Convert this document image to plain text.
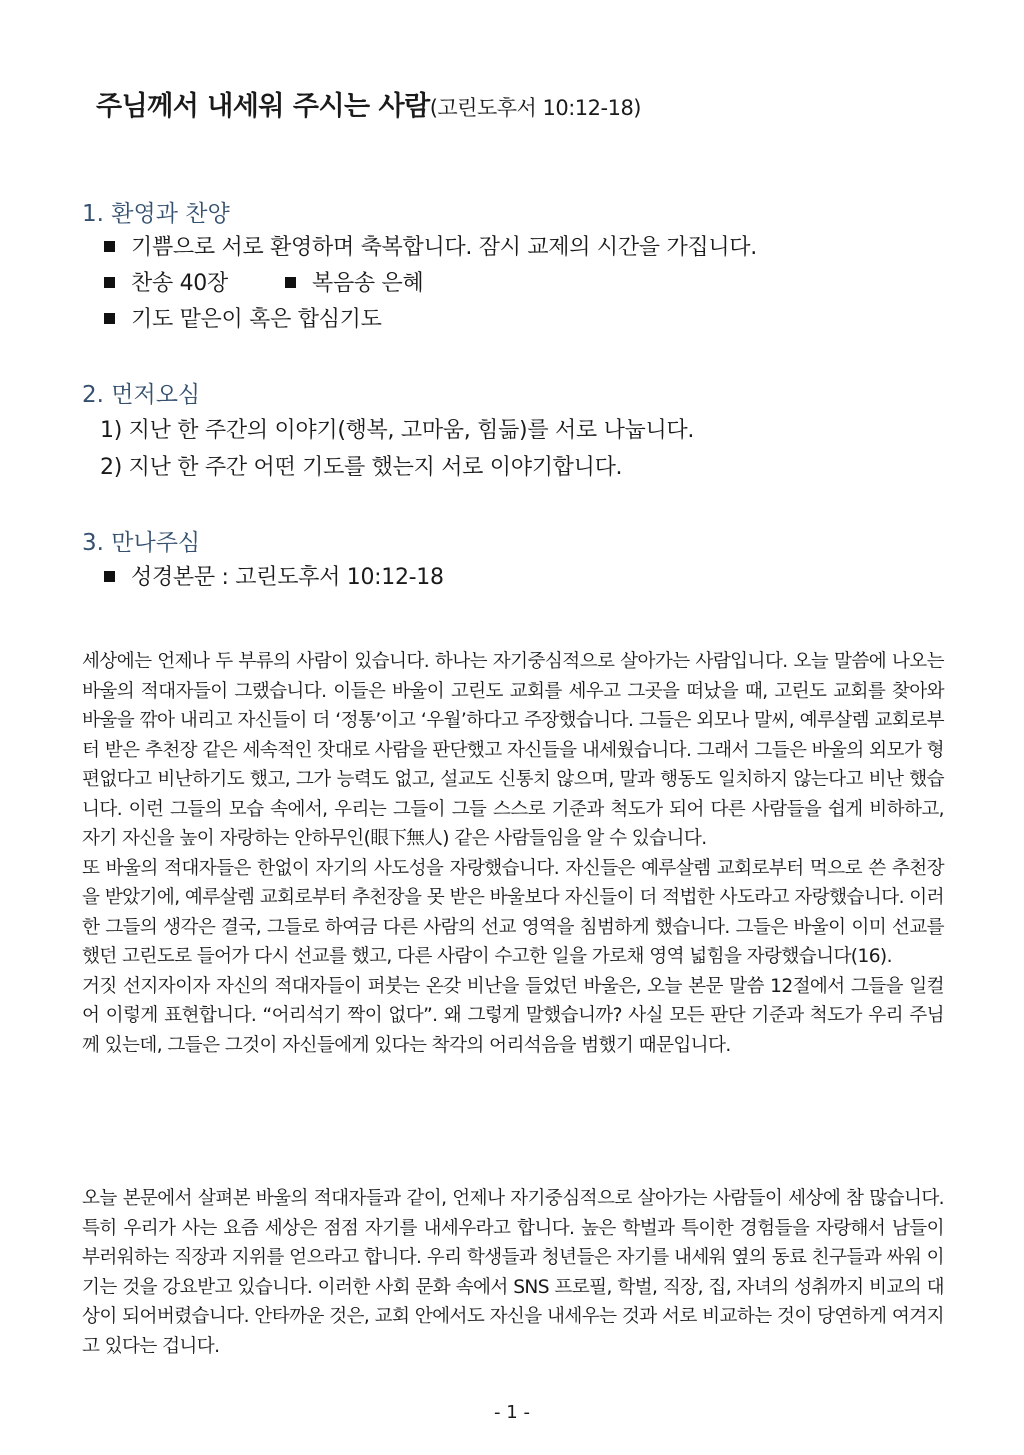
주님께서 내세워 주시는 사람(고린도후서 10:12-18)
1. 환영과 찬양
기쁨으로 서로 환영하며 축복합니다. 잠시 교제의 시간을 가집니다.
찬송 40장	복음송 은혜
기도 맡은이 혹은 합심기도
2. 먼저오심
1) 지난 한 주간의 이야기(행복, 고마움, 힘듦)를 서로 나눕니다.
2) 지난 한 주간 어떤 기도를 했는지 서로 이야기합니다.
3. 만나주심
성경본문 : 고린도후서 10:12-18

세상에는 언제나 두 부류의 사람이 있습니다. 하나는 자기중심적으로 살아가는 사람입니다. 오늘 말씀에 나오는 바울의 적대자들이 그랬습니다. 이들은 바울이 고린도 교회를 세우고 그곳을 떠났을 때, 고린도 교회를 찾아와 바울을 깎아 내리고 자신들이 더 ‘정통’이고 ‘우월’하다고 주장했습니다. 그들은 외모나 말씨, 예루살렘 교회로부터 받은 추천장 같은 세속적인 잣대로 사람을 판단했고 자신들을 내세웠습니다. 그래서 그들은 바울의 외모가 형편없다고 비난하기도 했고, 그가 능력도 없고, 설교도 신통치 않으며, 말과 행동도 일치하지 않는다고 비난 했습니다. 이런 그들의 모습 속에서, 우리는 그들이 그들 스스로 기준과 척도가 되어 다른 사람들을 쉽게 비하하고, 자기 자신을 높이 자랑하는 안하무인(眼下無人) 같은 사람들임을 알 수 있습니다.

또 바울의 적대자들은 한없이 자기의 사도성을 자랑했습니다. 자신들은 예루살렘 교회로부터 먹으로 쓴 추천장을 받았기에, 예루살렘 교회로부터 추천장을 못 받은 바울보다 자신들이 더 적법한 사도라고 자랑했습니다. 이러한 그들의 생각은 결국, 그들로 하여금 다른 사람의 선교 영역을 침범하게 했습니다. 그들은 바울이 이미 선교를 했던 고린도로 들어가 다시 선교를 했고, 다른 사람이 수고한 일을 가로채 영역 넓힘을 자랑했습니다(16).

거짓 선지자이자 자신의 적대자들이 퍼붓는 온갖 비난을 들었던 바울은, 오늘 본문 말씀 12절에서 그들을 일컬어 이렇게 표현합니다. “어리석기 짝이 없다”. 왜 그렇게 말했습니까? 사실 모든 판단 기준과 척도가 우리 주님께 있는데, 그들은 그것이 자신들에게 있다는 착각의 어리석음을 범했기 때문입니다.

오늘 본문에서 살펴본 바울의 적대자들과 같이, 언제나 자기중심적으로 살아가는 사람들이 세상에 참 많습니다. 특히 우리가 사는 요즘 세상은 점점 자기를 내세우라고 합니다. 높은 학벌과 특이한 경험들을 자랑해서 남들이 부러워하는 직장과 지위를 얻으라고 합니다. 우리 학생들과 청년들은 자기를 내세워 옆의 동료 친구들과 싸워 이기는 것을 강요받고 있습니다. 이러한 사회 문화 속에서 SNS 프로필, 학벌, 직장, 집, 자녀의 성취까지 비교의 대상이 되어버렸습니다. 안타까운 것은, 교회 안에서도 자신을 내세우는 것과 서로 비교하는 것이 당연하게 여겨지고 있다는 겁니다.

- 1 -
